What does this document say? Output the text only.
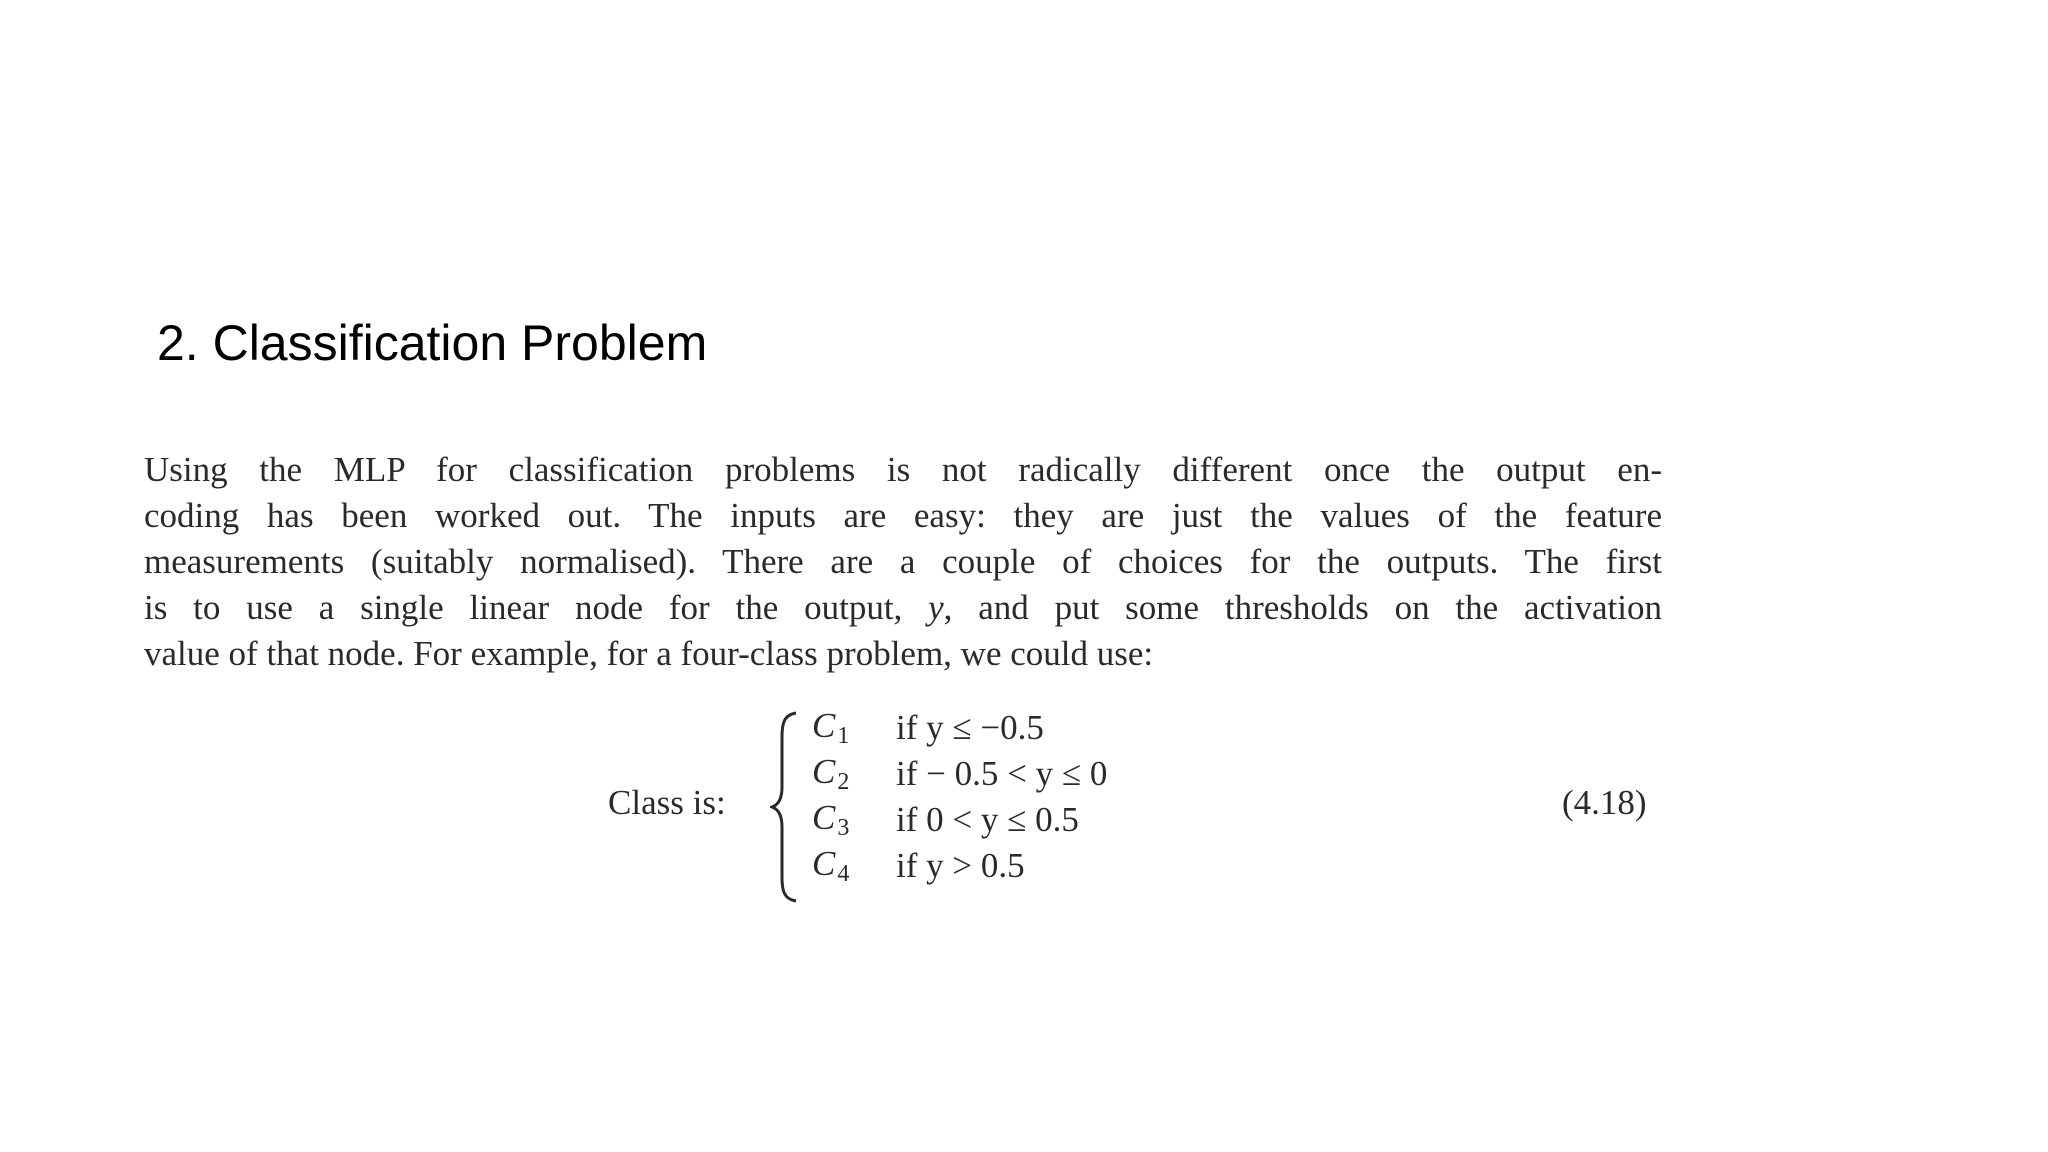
2. Classification Problem
Using the MLP for classification problems is not radically different once the output en-
coding has been worked out. The inputs are easy: they are just the values of the feature
measurements (suitably normalised). There are a couple of choices for the outputs. The first
is to use a single linear node for the output, y, and put some thresholds on the activation
value of that node. For example, for a four-class problem, we could use:
Class is:
$C_1$	if y ≤ −0.5
$C_2$	if − 0.5 < y ≤ 0
$C_3$	if 0 < y ≤ 0.5
$C_4$	if y > 0.5
(4.18)
